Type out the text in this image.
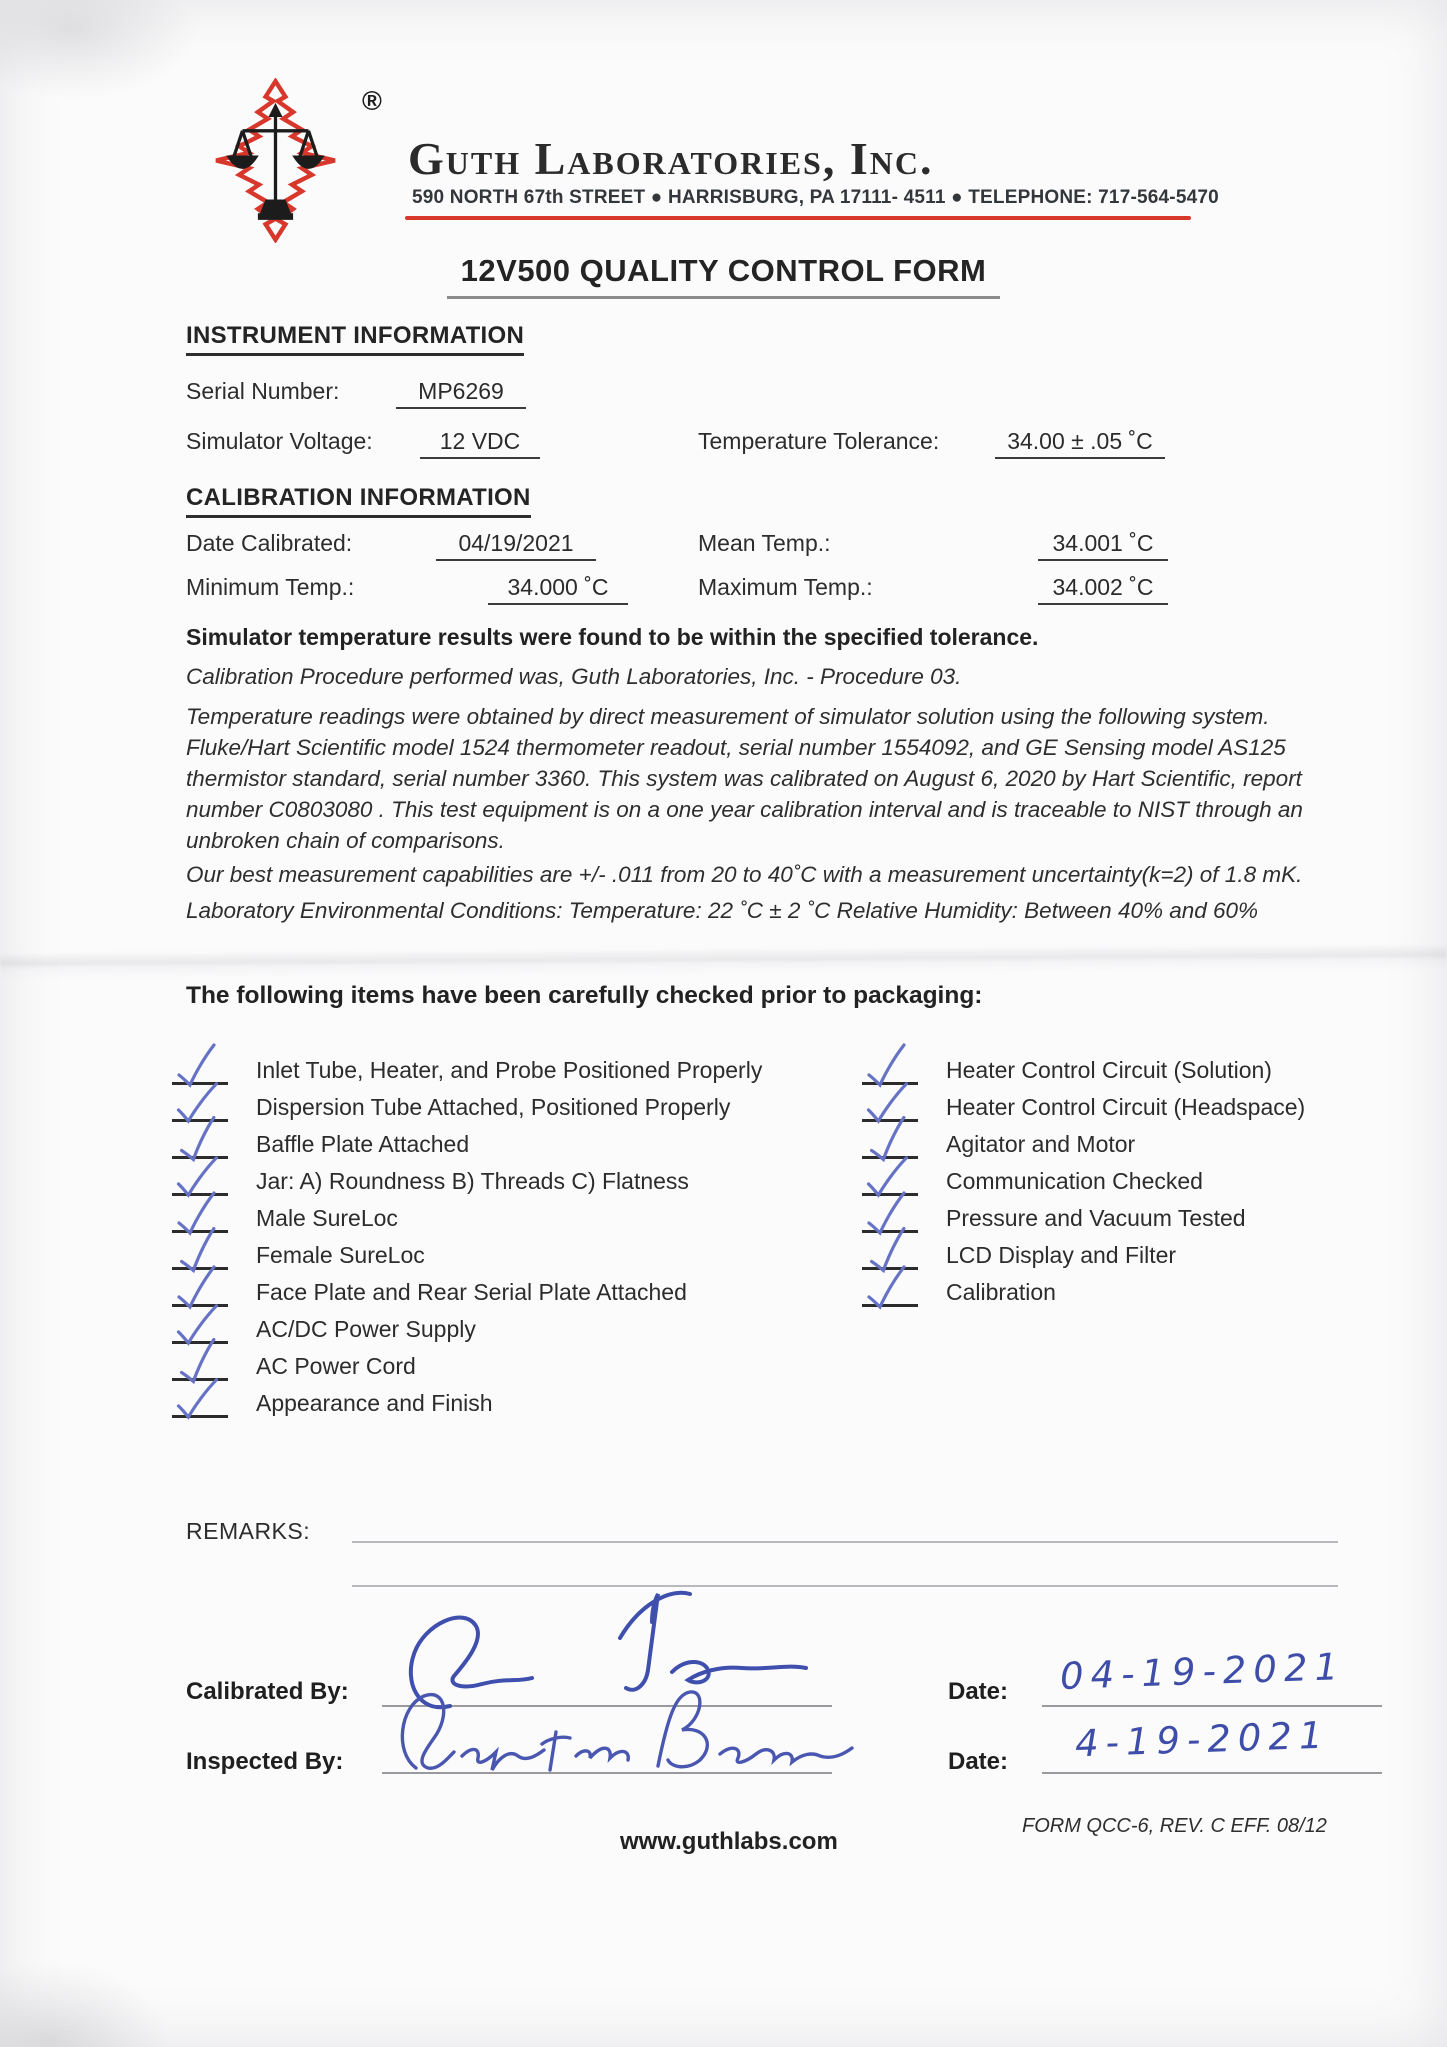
®
Guth Laboratories, Inc.
590 NORTH 67th STREET ● HARRISBURG, PA 17111- 4511 ● TELEPHONE: 717-564-5470
12V500 QUALITY CONTROL FORM
INSTRUMENT INFORMATION
Serial Number:	MP6269
Simulator Voltage:	12 VDC	Temperature Tolerance:	34.00 ± .05 ˚C
CALIBRATION INFORMATION
Date Calibrated:	04/19/2021	Mean Temp.:	34.001 ˚C
Minimum Temp.:	34.000 ˚C	Maximum Temp.:	34.002 ˚C
Simulator temperature results were found to be within the specified tolerance.
Calibration Procedure performed was, Guth Laboratories, Inc. - Procedure 03.
Temperature readings were obtained by direct measurement of simulator solution using the following system.
Fluke/Hart Scientific model 1524 thermometer readout, serial number 1554092, and GE Sensing model AS125
thermistor standard, serial number 3360. This system was calibrated on August 6, 2020 by Hart Scientific, report
number C0803080 . This test equipment is on a one year calibration interval and is traceable to NIST through an
unbroken chain of comparisons.
Our best measurement capabilities are +/- .011 from 20 to 40˚C with a measurement uncertainty(k=2) of 1.8 mK.
Laboratory Environmental Conditions: Temperature: 22 ˚C ± 2 ˚C Relative Humidity: Between 40% and 60%
The following items have been carefully checked prior to packaging:
Inlet Tube, Heater, and Probe Positioned Properly
Dispersion Tube Attached, Positioned Properly
Baffle Plate Attached
Jar: A) Roundness B) Threads C) Flatness
Male SureLoc
Female SureLoc
Face Plate and Rear Serial Plate Attached
AC/DC Power Supply
AC Power Cord
Appearance and Finish
Heater Control Circuit (Solution)
Heater Control Circuit (Headspace)
Agitator and Motor
Communication Checked
Pressure and Vacuum Tested
LCD Display and Filter
Calibration
REMARKS:
Calibrated By:	Date: 04-19-2021
Inspected By:	Date: 4-19-2021
www.guthlabs.com
FORM QCC-6, REV. C EFF. 08/12
